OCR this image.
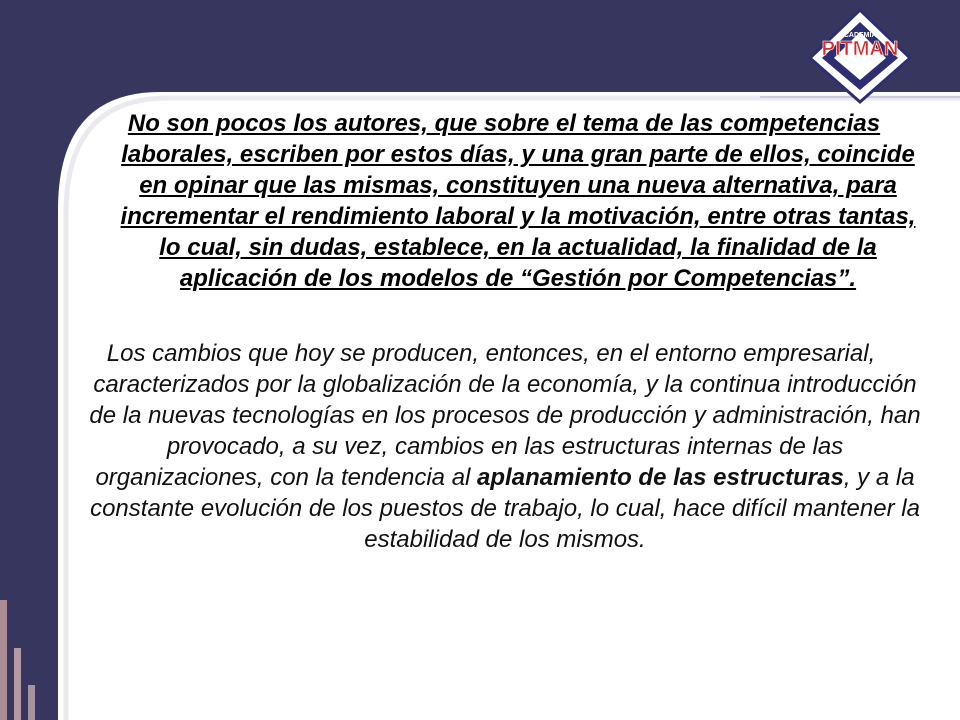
ACADEMIAS
PITMAN

No son pocos los autores, que sobre el tema de las competencias laborales, escriben por estos días, y una gran parte de ellos, coincide en opinar que las mismas, constituyen una nueva alternativa, para incrementar el rendimiento laboral y la motivación, entre otras tantas, lo cual, sin dudas, establece, en la actualidad, la finalidad de la aplicación de los modelos de “Gestión por Competencias”.

Los cambios que hoy se producen, entonces, en el entorno empresarial, caracterizados por la globalización de la economía, y la continua introducción de la nuevas tecnologías en los procesos de producción y administración, han provocado, a su vez, cambios en las estructuras internas de las organizaciones, con la tendencia al aplanamiento de las estructuras, y a la constante evolución de los puestos de trabajo, lo cual, hace difícil mantener la estabilidad de los mismos.
